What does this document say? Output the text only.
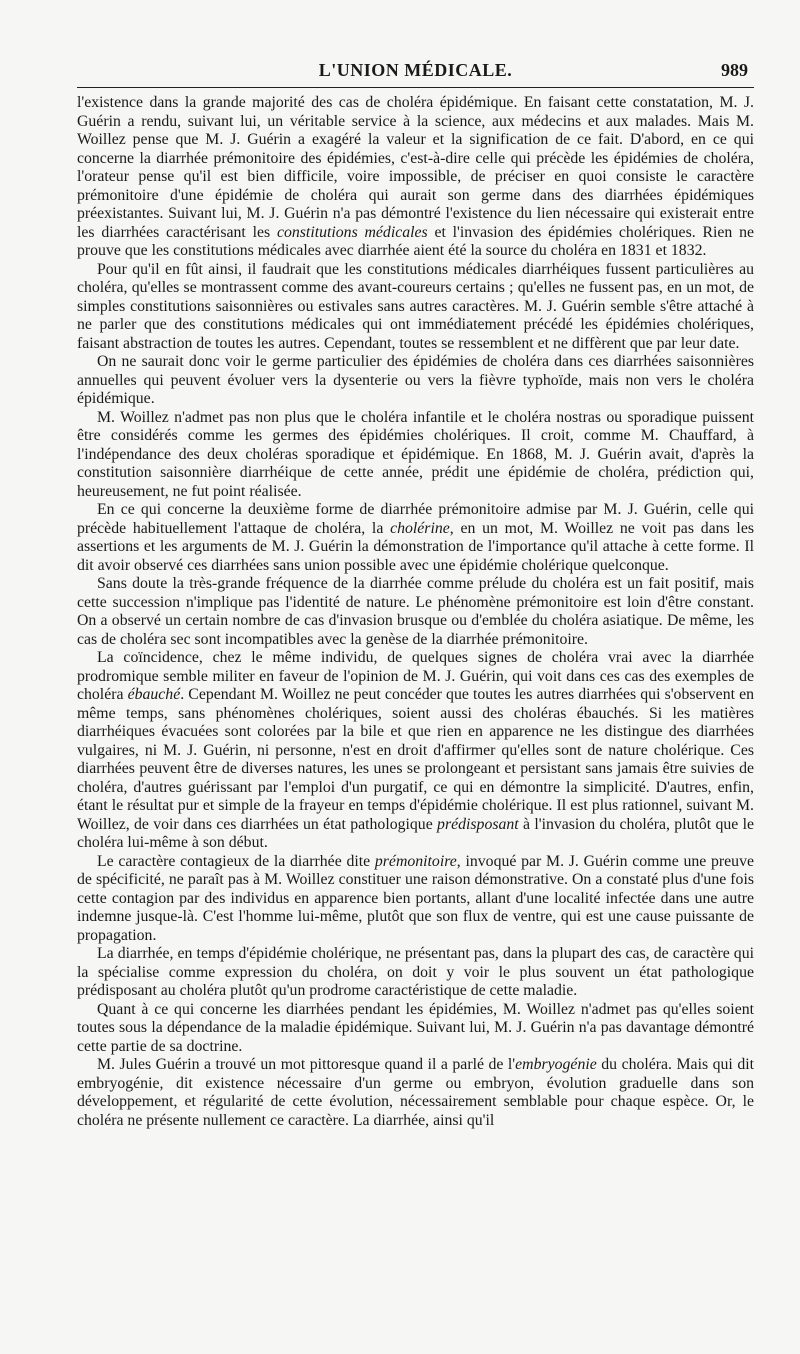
L'UNION MÉDICALE.	989

l'existence dans la grande majorité des cas de choléra épidémique. En faisant cette constatation, M. J. Guérin a rendu, suivant lui, un véritable service à la science, aux médecins et aux malades. Mais M. Woillez pense que M. J. Guérin a exagéré la valeur et la signification de ce fait. D'abord, en ce qui concerne la diarrhée prémonitoire des épidémies, c'est-à-dire celle qui précède les épidémies de choléra, l'orateur pense qu'il est bien difficile, voire impossible, de préciser en quoi consiste le caractère prémonitoire d'une épidémie de choléra qui aurait son germe dans des diarrhées épidémiques préexistantes. Suivant lui, M. J. Guérin n'a pas démontré l'existence du lien nécessaire qui existerait entre les diarrhées caractérisant les constitutions médicales et l'invasion des épidémies cholériques. Rien ne prouve que les constitutions médicales avec diarrhée aient été la source du choléra en 1831 et 1832.

Pour qu'il en fût ainsi, il faudrait que les constitutions médicales diarrhéiques fussent particulières au choléra, qu'elles se montrassent comme des avant-coureurs certains ; qu'elles ne fussent pas, en un mot, de simples constitutions saisonnières ou estivales sans autres caractères. M. J. Guérin semble s'être attaché à ne parler que des constitutions médicales qui ont immédiatement précédé les épidémies cholériques, faisant abstraction de toutes les autres. Cependant, toutes se ressemblent et ne diffèrent que par leur date.

On ne saurait donc voir le germe particulier des épidémies de choléra dans ces diarrhées saisonnières annuelles qui peuvent évoluer vers la dysenterie ou vers la fièvre typhoïde, mais non vers le choléra épidémique.

M. Woillez n'admet pas non plus que le choléra infantile et le choléra nostras ou sporadique puissent être considérés comme les germes des épidémies cholériques. Il croit, comme M. Chauffard, à l'indépendance des deux choléras sporadique et épidémique. En 1868, M. J. Guérin avait, d'après la constitution saisonnière diarrhéique de cette année, prédit une épidémie de choléra, prédiction qui, heureusement, ne fut point réalisée.

En ce qui concerne la deuxième forme de diarrhée prémonitoire admise par M. J. Guérin, celle qui précède habituellement l'attaque de choléra, la cholérine, en un mot, M. Woillez ne voit pas dans les assertions et les arguments de M. J. Guérin la démonstration de l'importance qu'il attache à cette forme. Il dit avoir observé ces diarrhées sans union possible avec une épidémie cholérique quelconque.

Sans doute la très-grande fréquence de la diarrhée comme prélude du choléra est un fait positif, mais cette succession n'implique pas l'identité de nature. Le phénomène prémonitoire est loin d'être constant. On a observé un certain nombre de cas d'invasion brusque ou d'emblée du choléra asiatique. De même, les cas de choléra sec sont incompatibles avec la genèse de la diarrhée prémonitoire.

La coïncidence, chez le même individu, de quelques signes de choléra vrai avec la diarrhée prodromique semble militer en faveur de l'opinion de M. J. Guérin, qui voit dans ces cas des exemples de choléra ébauché. Cependant M. Woillez ne peut concéder que toutes les autres diarrhées qui s'observent en même temps, sans phénomènes cholériques, soient aussi des choléras ébauchés. Si les matières diarrhéiques évacuées sont colorées par la bile et que rien en apparence ne les distingue des diarrhées vulgaires, ni M. J. Guérin, ni personne, n'est en droit d'affirmer qu'elles sont de nature cholérique. Ces diarrhées peuvent être de diverses natures, les unes se prolongeant et persistant sans jamais être suivies de choléra, d'autres guérissant par l'emploi d'un purgatif, ce qui en démontre la simplicité. D'autres, enfin, étant le résultat pur et simple de la frayeur en temps d'épidémie cholérique. Il est plus rationnel, suivant M. Woillez, de voir dans ces diarrhées un état pathologique prédisposant à l'invasion du choléra, plutôt que le choléra lui-même à son début.

Le caractère contagieux de la diarrhée dite prémonitoire, invoqué par M. J. Guérin comme une preuve de spécificité, ne paraît pas à M. Woillez constituer une raison démonstrative. On a constaté plus d'une fois cette contagion par des individus en apparence bien portants, allant d'une localité infectée dans une autre indemne jusque-là. C'est l'homme lui-même, plutôt que son flux de ventre, qui est une cause puissante de propagation.

La diarrhée, en temps d'épidémie cholérique, ne présentant pas, dans la plupart des cas, de caractère qui la spécialise comme expression du choléra, on doit y voir le plus souvent un état pathologique prédisposant au choléra plutôt qu'un prodrome caractéristique de cette maladie.

Quant à ce qui concerne les diarrhées pendant les épidémies, M. Woillez n'admet pas qu'elles soient toutes sous la dépendance de la maladie épidémique. Suivant lui, M. J. Guérin n'a pas davantage démontré cette partie de sa doctrine.

M. Jules Guérin a trouvé un mot pittoresque quand il a parlé de l'embryogénie du choléra. Mais qui dit embryogénie, dit existence nécessaire d'un germe ou embryon, évolution graduelle dans son développement, et régularité de cette évolution, nécessairement semblable pour chaque espèce. Or, le choléra ne présente nullement ce caractère. La diarrhée, ainsi qu'il
